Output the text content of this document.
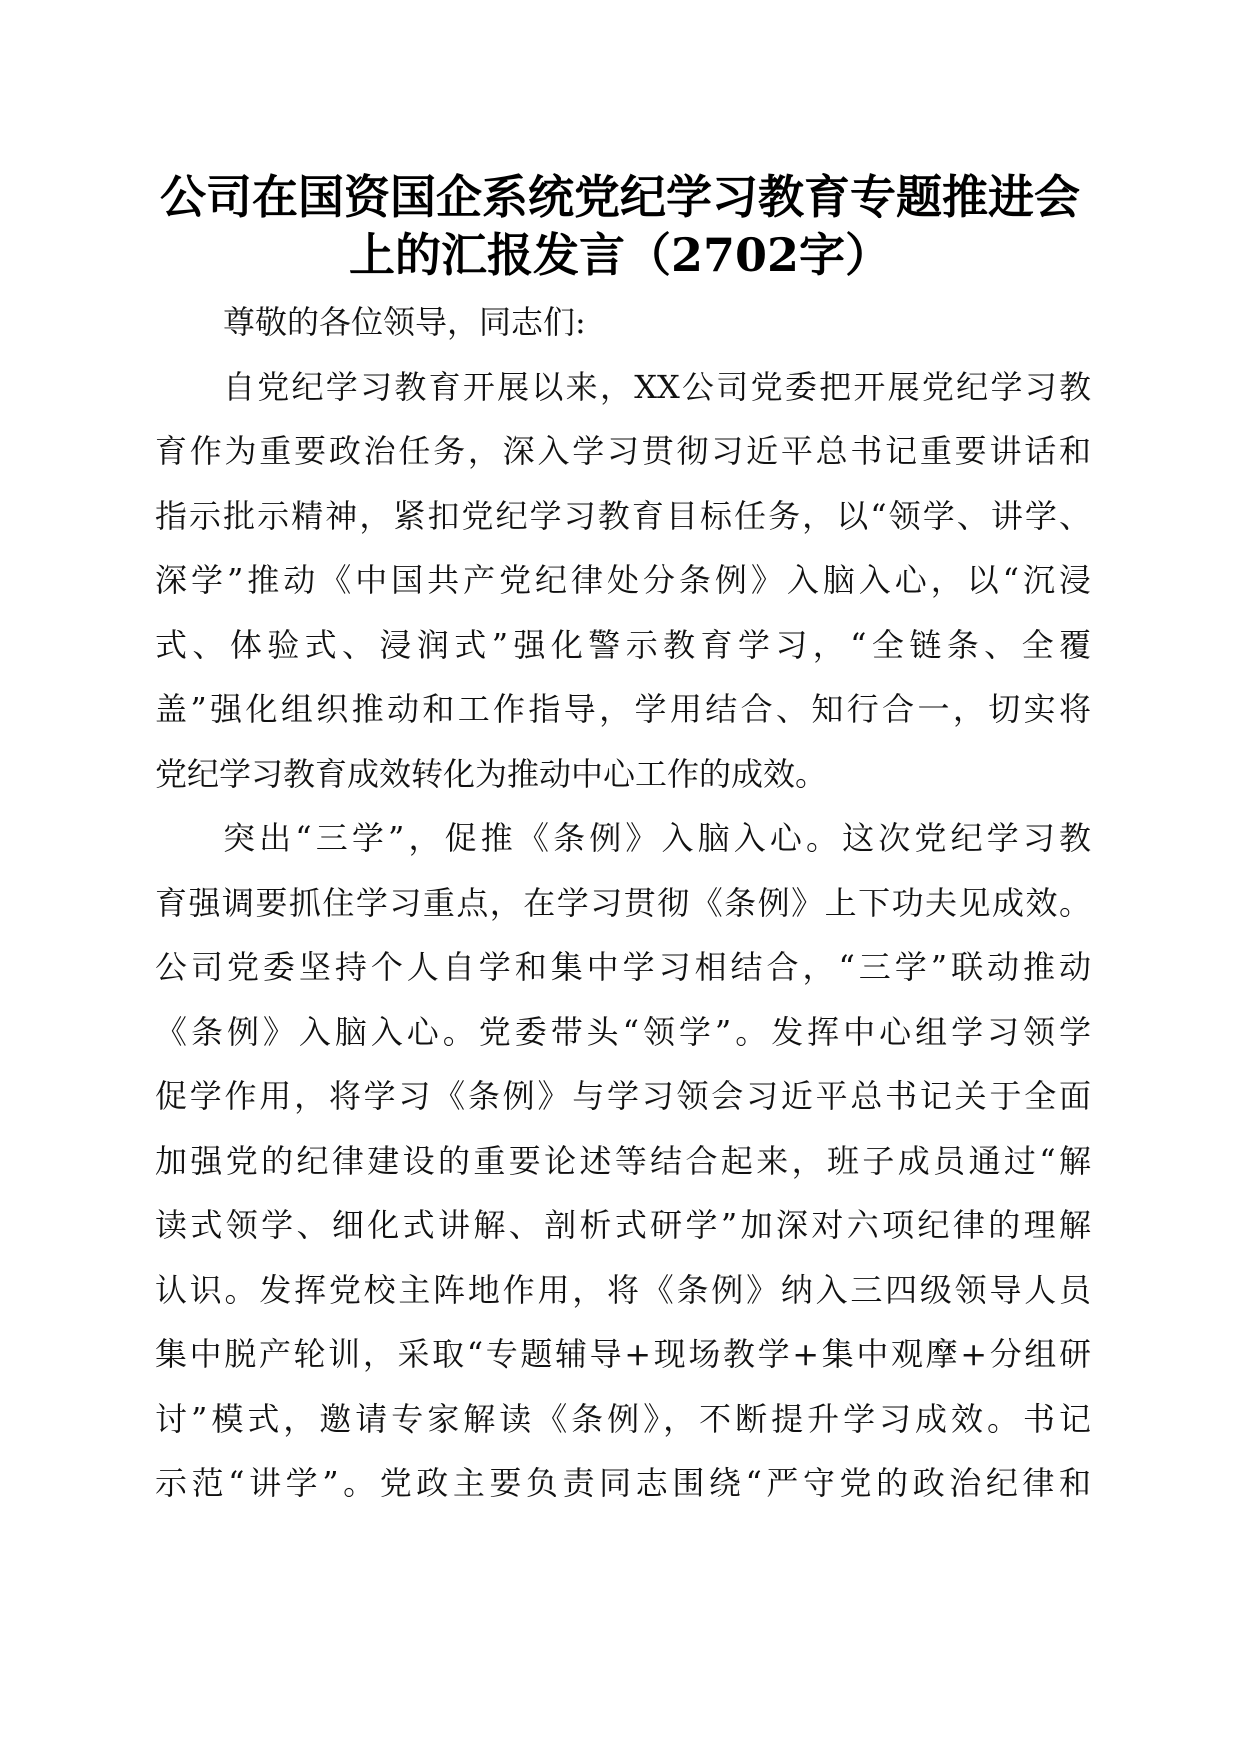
公司在国资国企系统党纪学习教育专题推进会
上的汇报发言（2702字）
尊敬的各位领导，同志们:
自党纪学习教育开展以来，XX公司党委把开展党纪学习教
育作为重要政治任务，深入学习贯彻习近平总书记重要讲话和
指示批示精神，紧扣党纪学习教育目标任务，以“领学、讲学、
深学”推动《中国共产党纪律处分条例》入脑入心，以“沉浸
式、体验式、浸润式”强化警示教育学习，“全链条、全覆
盖”强化组织推动和工作指导，学用结合、知行合一，切实将
党纪学习教育成效转化为推动中心工作的成效。
突出“三学”，促推《条例》入脑入心。这次党纪学习教
育强调要抓住学习重点，在学习贯彻《条例》上下功夫见成效。
公司党委坚持个人自学和集中学习相结合，“三学”联动推动
《条例》入脑入心。党委带头“领学”。发挥中心组学习领学
促学作用，将学习《条例》与学习领会习近平总书记关于全面
加强党的纪律建设的重要论述等结合起来，班子成员通过“解
读式领学、细化式讲解、剖析式研学”加深对六项纪律的理解
认识。发挥党校主阵地作用，将《条例》纳入三四级领导人员
集中脱产轮训，采取“专题辅导+现场教学+集中观摩+分组研
讨”模式，邀请专家解读《条例》，不断提升学习成效。书记
示范“讲学”。党政主要负责同志围绕“严守党的政治纪律和
